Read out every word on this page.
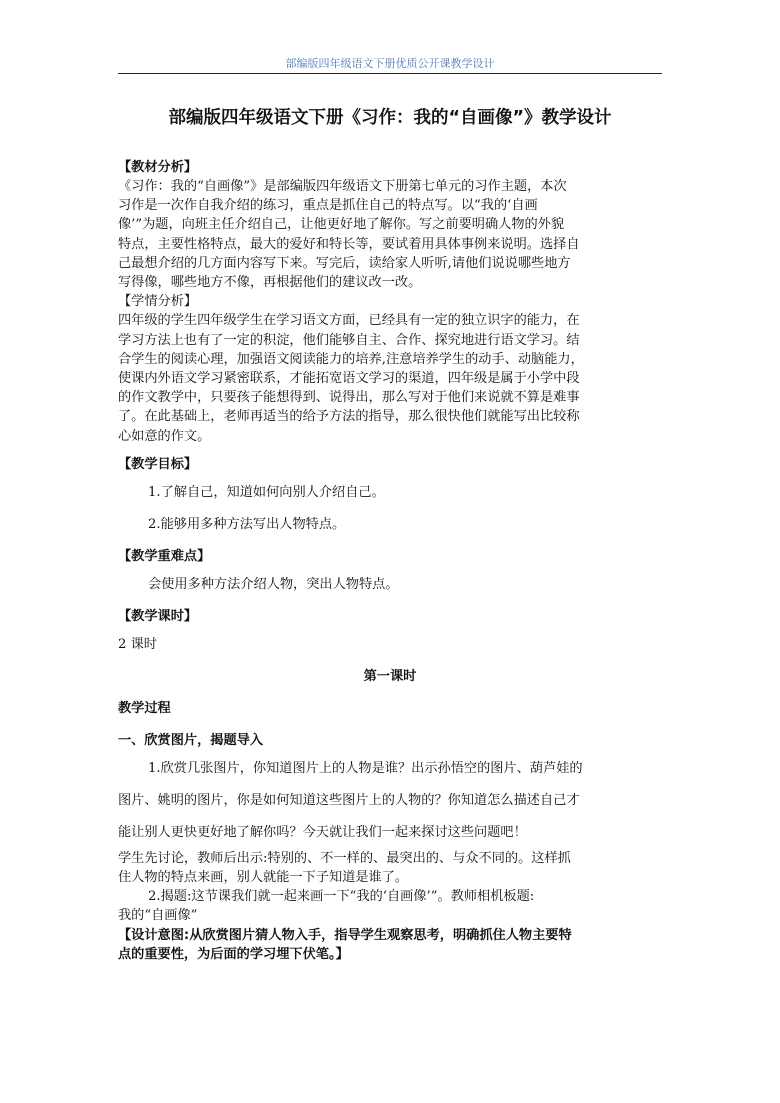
部编版四年级语文下册优质公开课教学设计
部编版四年级语文下册《习作：我的“自画像”》教学设计

【教材分析】

《习作：我的“自画像”》是部编版四年级语文下册第七单元的习作主题，本次

习作是一次作自我介绍的练习，重点是抓住自己的特点写。以“我的‘自画

像’”为题，向班主任介绍自己，让他更好地了解你。写之前要明确人物的外貌

特点，主要性格特点，最大的爱好和特长等，要试着用具体事例来说明。选择自

己最想介绍的几方面内容写下来。写完后，读给家人听听,请他们说说哪些地方

写得像，哪些地方不像，再根据他们的建议改一改。

【学情分析】

四年级的学生四年级学生在学习语文方面，已经具有一定的独立识字的能力，在

学习方法上也有了一定的积淀，他们能够自主、合作、探究地进行语文学习。结

合学生的阅读心理，加强语文阅读能力的培养,注意培养学生的动手、动脑能力，

使课内外语文学习紧密联系，才能拓宽语文学习的渠道，四年级是属于小学中段

的作文教学中，只要孩子能想得到、说得出，那么写对于他们来说就不算是难事

了。在此基础上，老师再适当的给予方法的指导，那么很快他们就能写出比较称

心如意的作文。

【教学目标】

1.了解自己，知道如何向别人介绍自己。

2.能够用多种方法写出人物特点。

【教学重难点】

会使用多种方法介绍人物，突出人物特点。

【教学课时】

2 课时

第一课时

教学过程

一、欣赏图片，揭题导入

1.欣赏几张图片，你知道图片上的人物是谁？出示孙悟空的图片、葫芦娃的

图片、姚明的图片，你是如何知道这些图片上的人物的？你知道怎么描述自己才

能让别人更快更好地了解你吗？今天就让我们一起来探讨这些问题吧！

学生先讨论，教师后出示:特别的、不一样的、最突出的、与众不同的。这样抓

住人物的特点来画，别人就能一下子知道是谁了。

2.揭题:这节课我们就一起来画一下“我的‘自画像’”。教师相机板题:

我的“自画像”

【设计意图:从欣赏图片猜人物入手，指导学生观察思考，明确抓住人物主要特

点的重要性，为后面的学习埋下伏笔。】
